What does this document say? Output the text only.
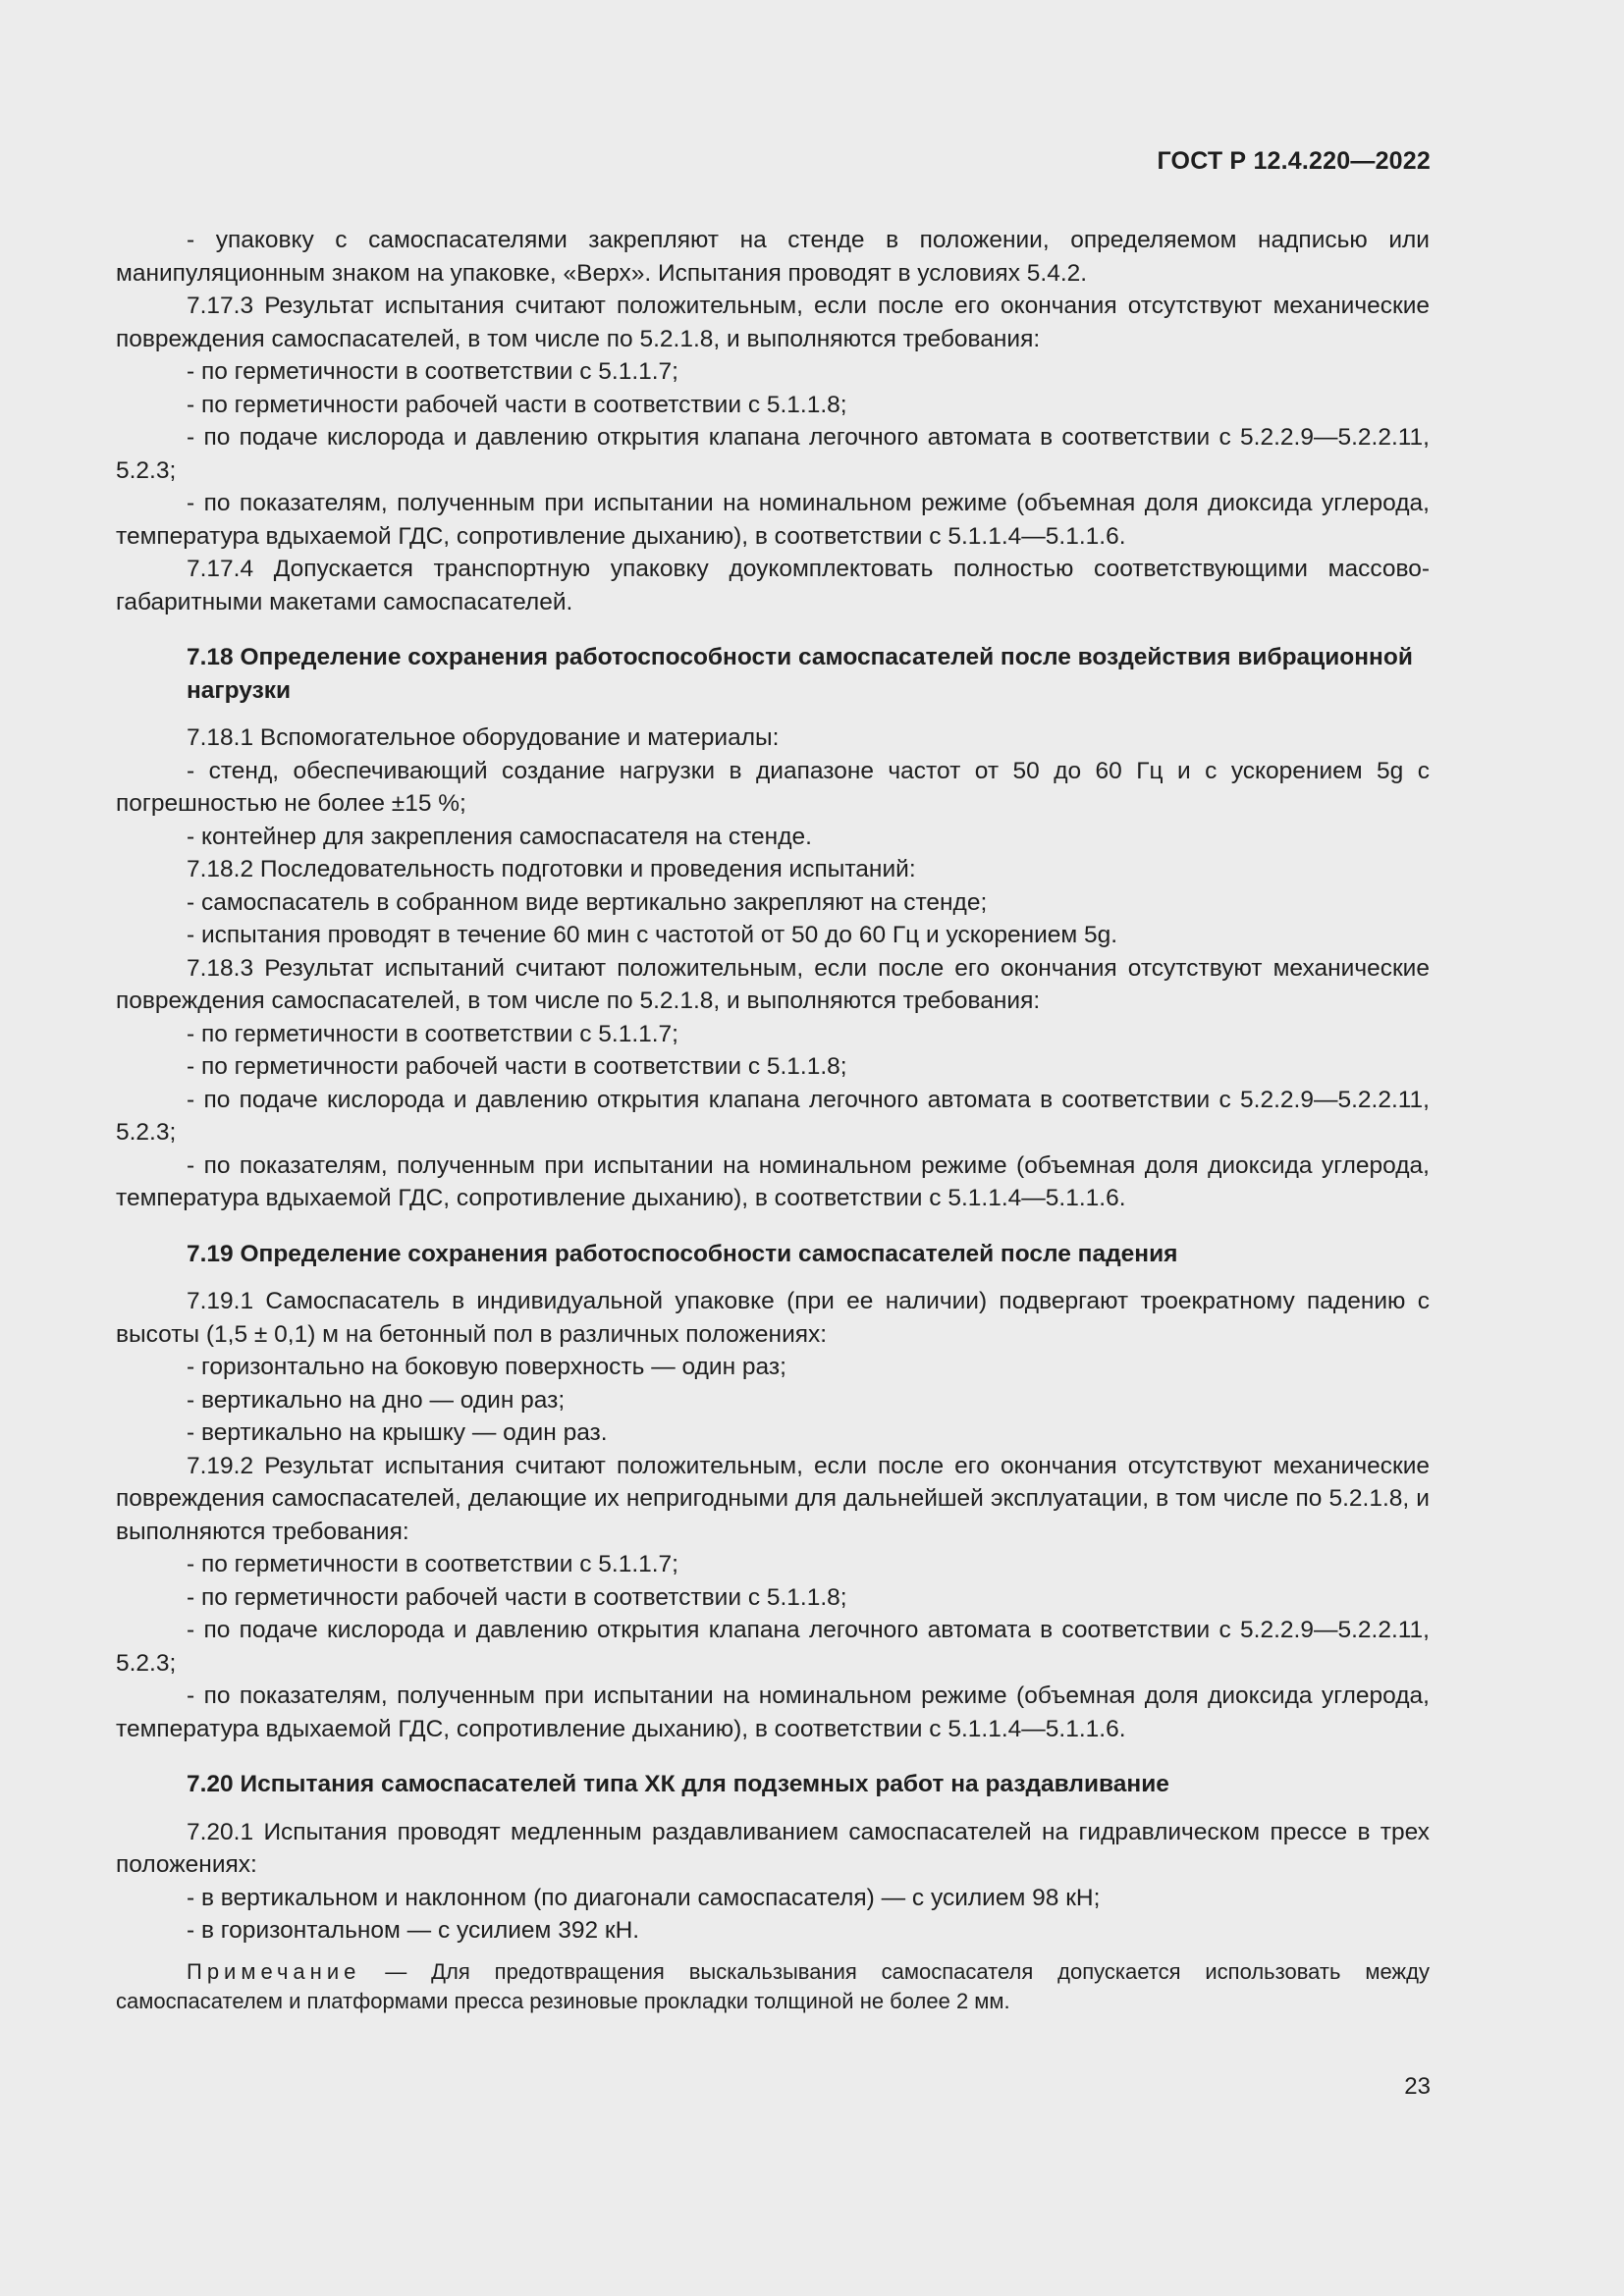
ГОСТ Р 12.4.220—2022

- упаковку с самоспасателями закрепляют на стенде в положении, определяемом надписью или манипуляционным знаком на упаковке, «Верх». Испытания проводят в условиях 5.4.2.

7.17.3 Результат испытания считают положительным, если после его окончания отсутствуют механические повреждения самоспасателей, в том числе по 5.2.1.8, и выполняются требования:

- по герметичности в соответствии с 5.1.1.7;

- по герметичности рабочей части в соответствии с 5.1.1.8;

- по подаче кислорода и давлению открытия клапана легочного автомата в соответствии с 5.2.2.9—5.2.2.11, 5.2.3;

- по показателям, полученным при испытании на номинальном режиме (объемная доля диоксида углерода, температура вдыхаемой ГДС, сопротивление дыханию), в соответствии с 5.1.1.4—5.1.1.6.

7.17.4 Допускается транспортную упаковку доукомплектовать полностью соответствующими массово-габаритными макетами самоспасателей.

7.18 Определение сохранения работоспособности самоспасателей после воздействия вибрационной нагрузки

7.18.1 Вспомогательное оборудование и материалы:

- стенд, обеспечивающий создание нагрузки в диапазоне частот от 50 до 60 Гц и с ускорением 5g с погрешностью не более ±15 %;

- контейнер для закрепления самоспасателя на стенде.

7.18.2 Последовательность подготовки и проведения испытаний:

- самоспасатель в собранном виде вертикально закрепляют на стенде;

- испытания проводят в течение 60 мин с частотой от 50 до 60 Гц и ускорением 5g.

7.18.3 Результат испытаний считают положительным, если после его окончания отсутствуют механические повреждения самоспасателей, в том числе по 5.2.1.8, и выполняются требования:

- по герметичности в соответствии с 5.1.1.7;

- по герметичности рабочей части в соответствии с 5.1.1.8;

- по подаче кислорода и давлению открытия клапана легочного автомата в соответствии с 5.2.2.9—5.2.2.11, 5.2.3;

- по показателям, полученным при испытании на номинальном режиме (объемная доля диоксида углерода, температура вдыхаемой ГДС, сопротивление дыханию), в соответствии с 5.1.1.4—5.1.1.6.

7.19 Определение сохранения работоспособности самоспасателей после падения

7.19.1 Самоспасатель в индивидуальной упаковке (при ее наличии) подвергают троекратному падению с высоты (1,5 ± 0,1) м на бетонный пол в различных положениях:

- горизонтально на боковую поверхность — один раз;

- вертикально на дно — один раз;

- вертикально на крышку — один раз.

7.19.2 Результат испытания считают положительным, если после его окончания отсутствуют механические повреждения самоспасателей, делающие их непригодными для дальнейшей эксплуатации, в том числе по 5.2.1.8, и выполняются требования:

- по герметичности в соответствии с 5.1.1.7;

- по герметичности рабочей части в соответствии с 5.1.1.8;

- по подаче кислорода и давлению открытия клапана легочного автомата в соответствии с 5.2.2.9—5.2.2.11, 5.2.3;

- по показателям, полученным при испытании на номинальном режиме (объемная доля диоксида углерода, температура вдыхаемой ГДС, сопротивление дыханию), в соответствии с 5.1.1.4—5.1.1.6.

7.20 Испытания самоспасателей типа ХК для подземных работ на раздавливание

7.20.1 Испытания проводят медленным раздавливанием самоспасателей на гидравлическом прессе в трех положениях:

- в вертикальном и наклонном (по диагонали самоспасателя) — с усилием 98 кН;

- в горизонтальном — с усилием 392 кН.

Примечание — Для предотвращения выскальзывания самоспасателя допускается использовать между самоспасателем и платформами пресса резиновые прокладки толщиной не более 2 мм.

23
